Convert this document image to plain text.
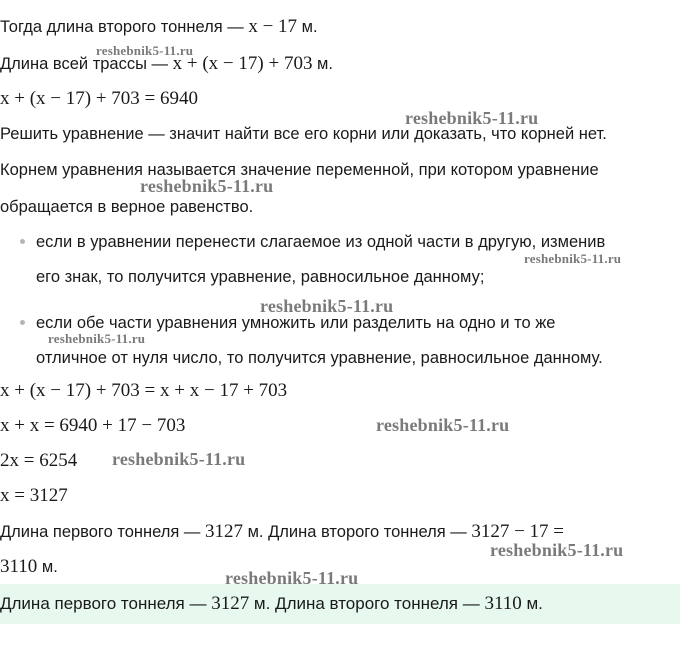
Тогда длина второго тоннеля — x − 17 м.
Длина всей трассы — x + (x − 17) + 703 м.
x + (x − 17) + 703 = 6940
Решить уравнение — значит найти все его корни или доказать, что корней нет.
Корнем уравнения называется значение переменной, при котором уравнение
обращается в верное равенство.
если в уравнении перенести слагаемое из одной части в другую, изменив
его знак, то получится уравнение, равносильное данному;
если обе части уравнения умножить или разделить на одно и то же
отличное от нуля число, то получится уравнение, равносильное данному.
x + (x − 17) + 703 = x + x − 17 + 703
x + x = 6940 + 17 − 703
2x = 6254
x = 3127
Длина первого тоннеля — 3127 м. Длина второго тоннеля — 3127 − 17 =
3110 м.
Длина первого тоннеля — 3127 м. Длина второго тоннеля — 3110 м.
reshebnik5-11.ru
reshebnik5-11.ru
reshebnik5-11.ru
reshebnik5-11.ru
reshebnik5-11.ru
reshebnik5-11.ru
reshebnik5-11.ru
reshebnik5-11.ru
reshebnik5-11.ru
reshebnik5-11.ru
